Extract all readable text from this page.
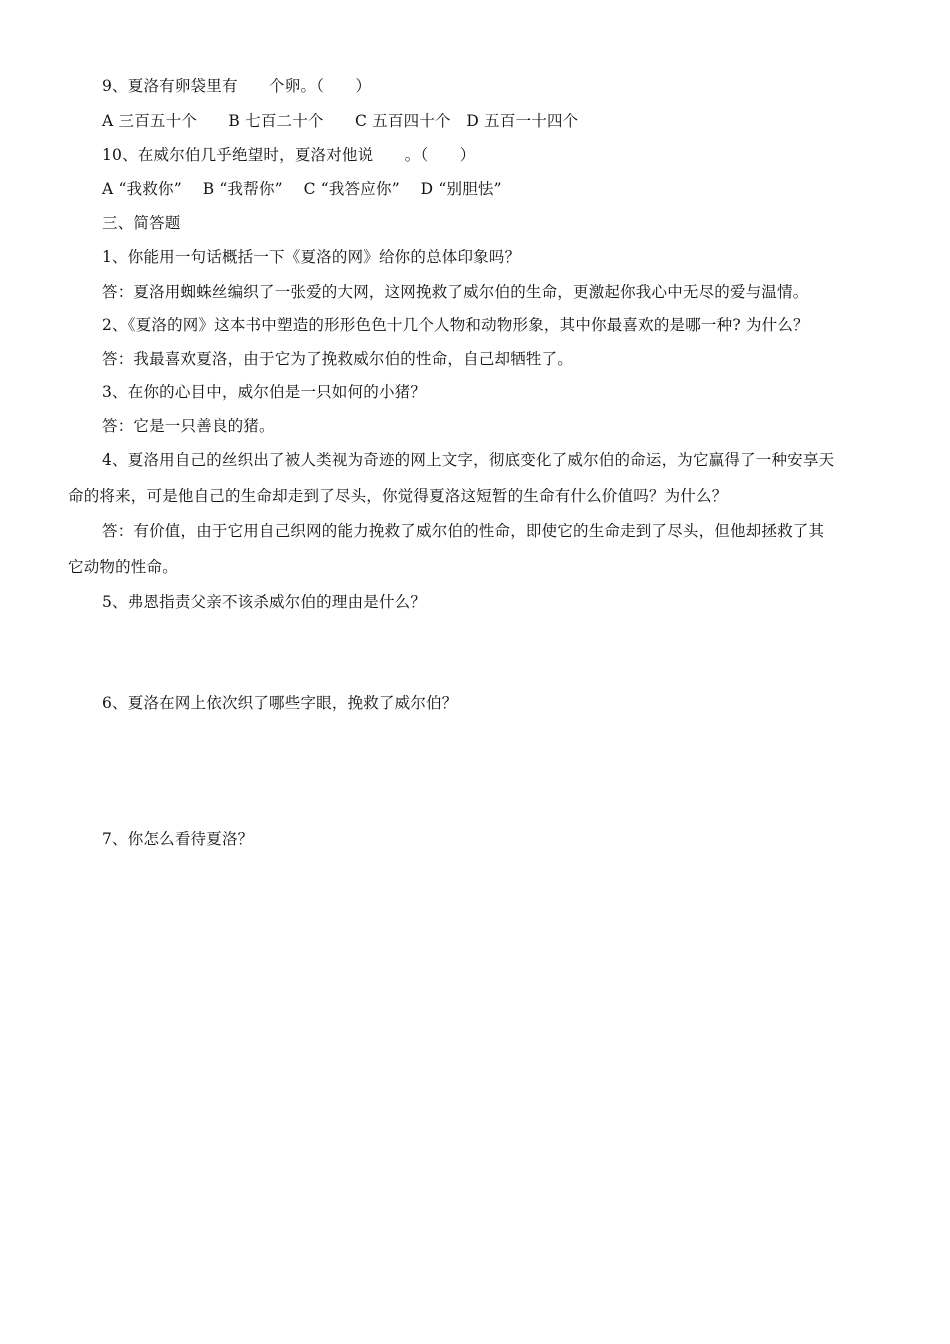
9、夏洛有卵袋里有　　个卵。（　　）
A 三百五十个　　B 七百二十个　　C 五百四十个　D 五百一十四个
10、在威尔伯几乎绝望时，夏洛对他说　　。（　　）
A “我救你”　 B “我帮你”　 C “我答应你”　 D “别胆怯”
三、简答题
1、你能用一句话概括一下《夏洛的网》给你的总体印象吗？
答：夏洛用蜘蛛丝编织了一张爱的大网，这网挽救了威尔伯的生命，更激起你我心中无尽的爱与温情。
2、《夏洛的网》这本书中塑造的形形色色十几个人物和动物形象，其中你最喜欢的是哪一种? 为什么？
答：我最喜欢夏洛，由于它为了挽救威尔伯的性命，自己却牺牲了。
3、在你的心目中，威尔伯是一只如何的小猪？
答：它是一只善良的猪。
4、夏洛用自己的丝织出了被人类视为奇迹的网上文字，彻底变化了威尔伯的命运，为它赢得了一种安享天
命的将来，可是他自己的生命却走到了尽头，你觉得夏洛这短暂的生命有什么价值吗？为什么？
答：有价值，由于它用自己织网的能力挽救了威尔伯的性命，即使它的生命走到了尽头，但他却拯救了其
它动物的性命。
5、弗恩指责父亲不该杀威尔伯的理由是什么？
6、夏洛在网上依次织了哪些字眼，挽救了威尔伯？
7、你怎么看待夏洛？
